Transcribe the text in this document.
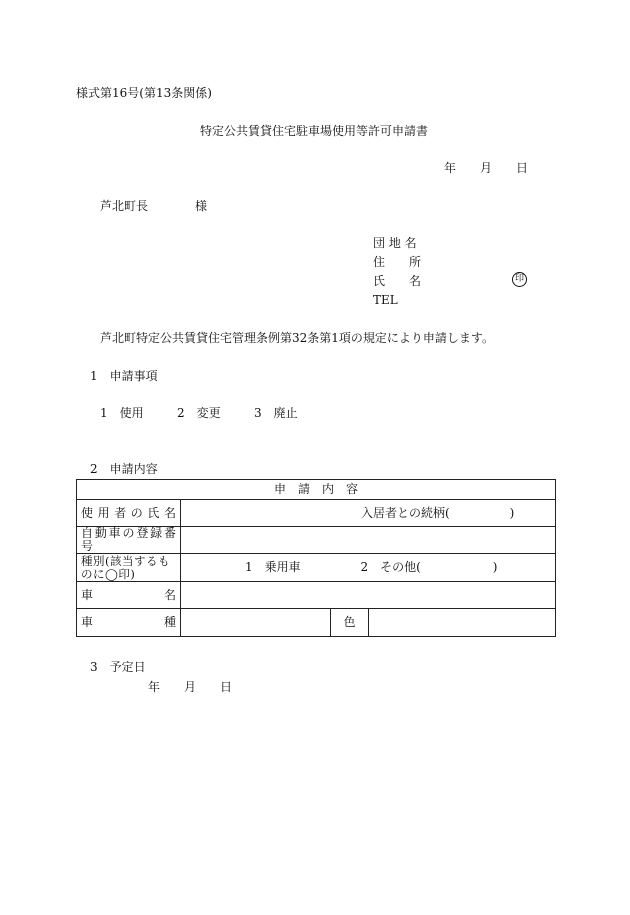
様式第16号(第13条関係)
特定公共賃貸住宅駐車場使用等許可申請書
年 月 日
芦北町長	様
団 地 名
住　　所
氏　　名
TEL
印
芦北町特定公共賃貸住宅管理条例第32条第1項の規定により申請します。
1　申請事項
1　使用	2　変更	3　廃止
2　申請内容
申　請　内　容			
使用者の氏名	入居者との続柄(　　　　　)		
自動車の登録番号			
種別(該当するものに◯印)	1　乗用車 2　その他(　　　　　　)		
車　　　　名			
車　　　　種		色	
3　予定日
年 月 日
